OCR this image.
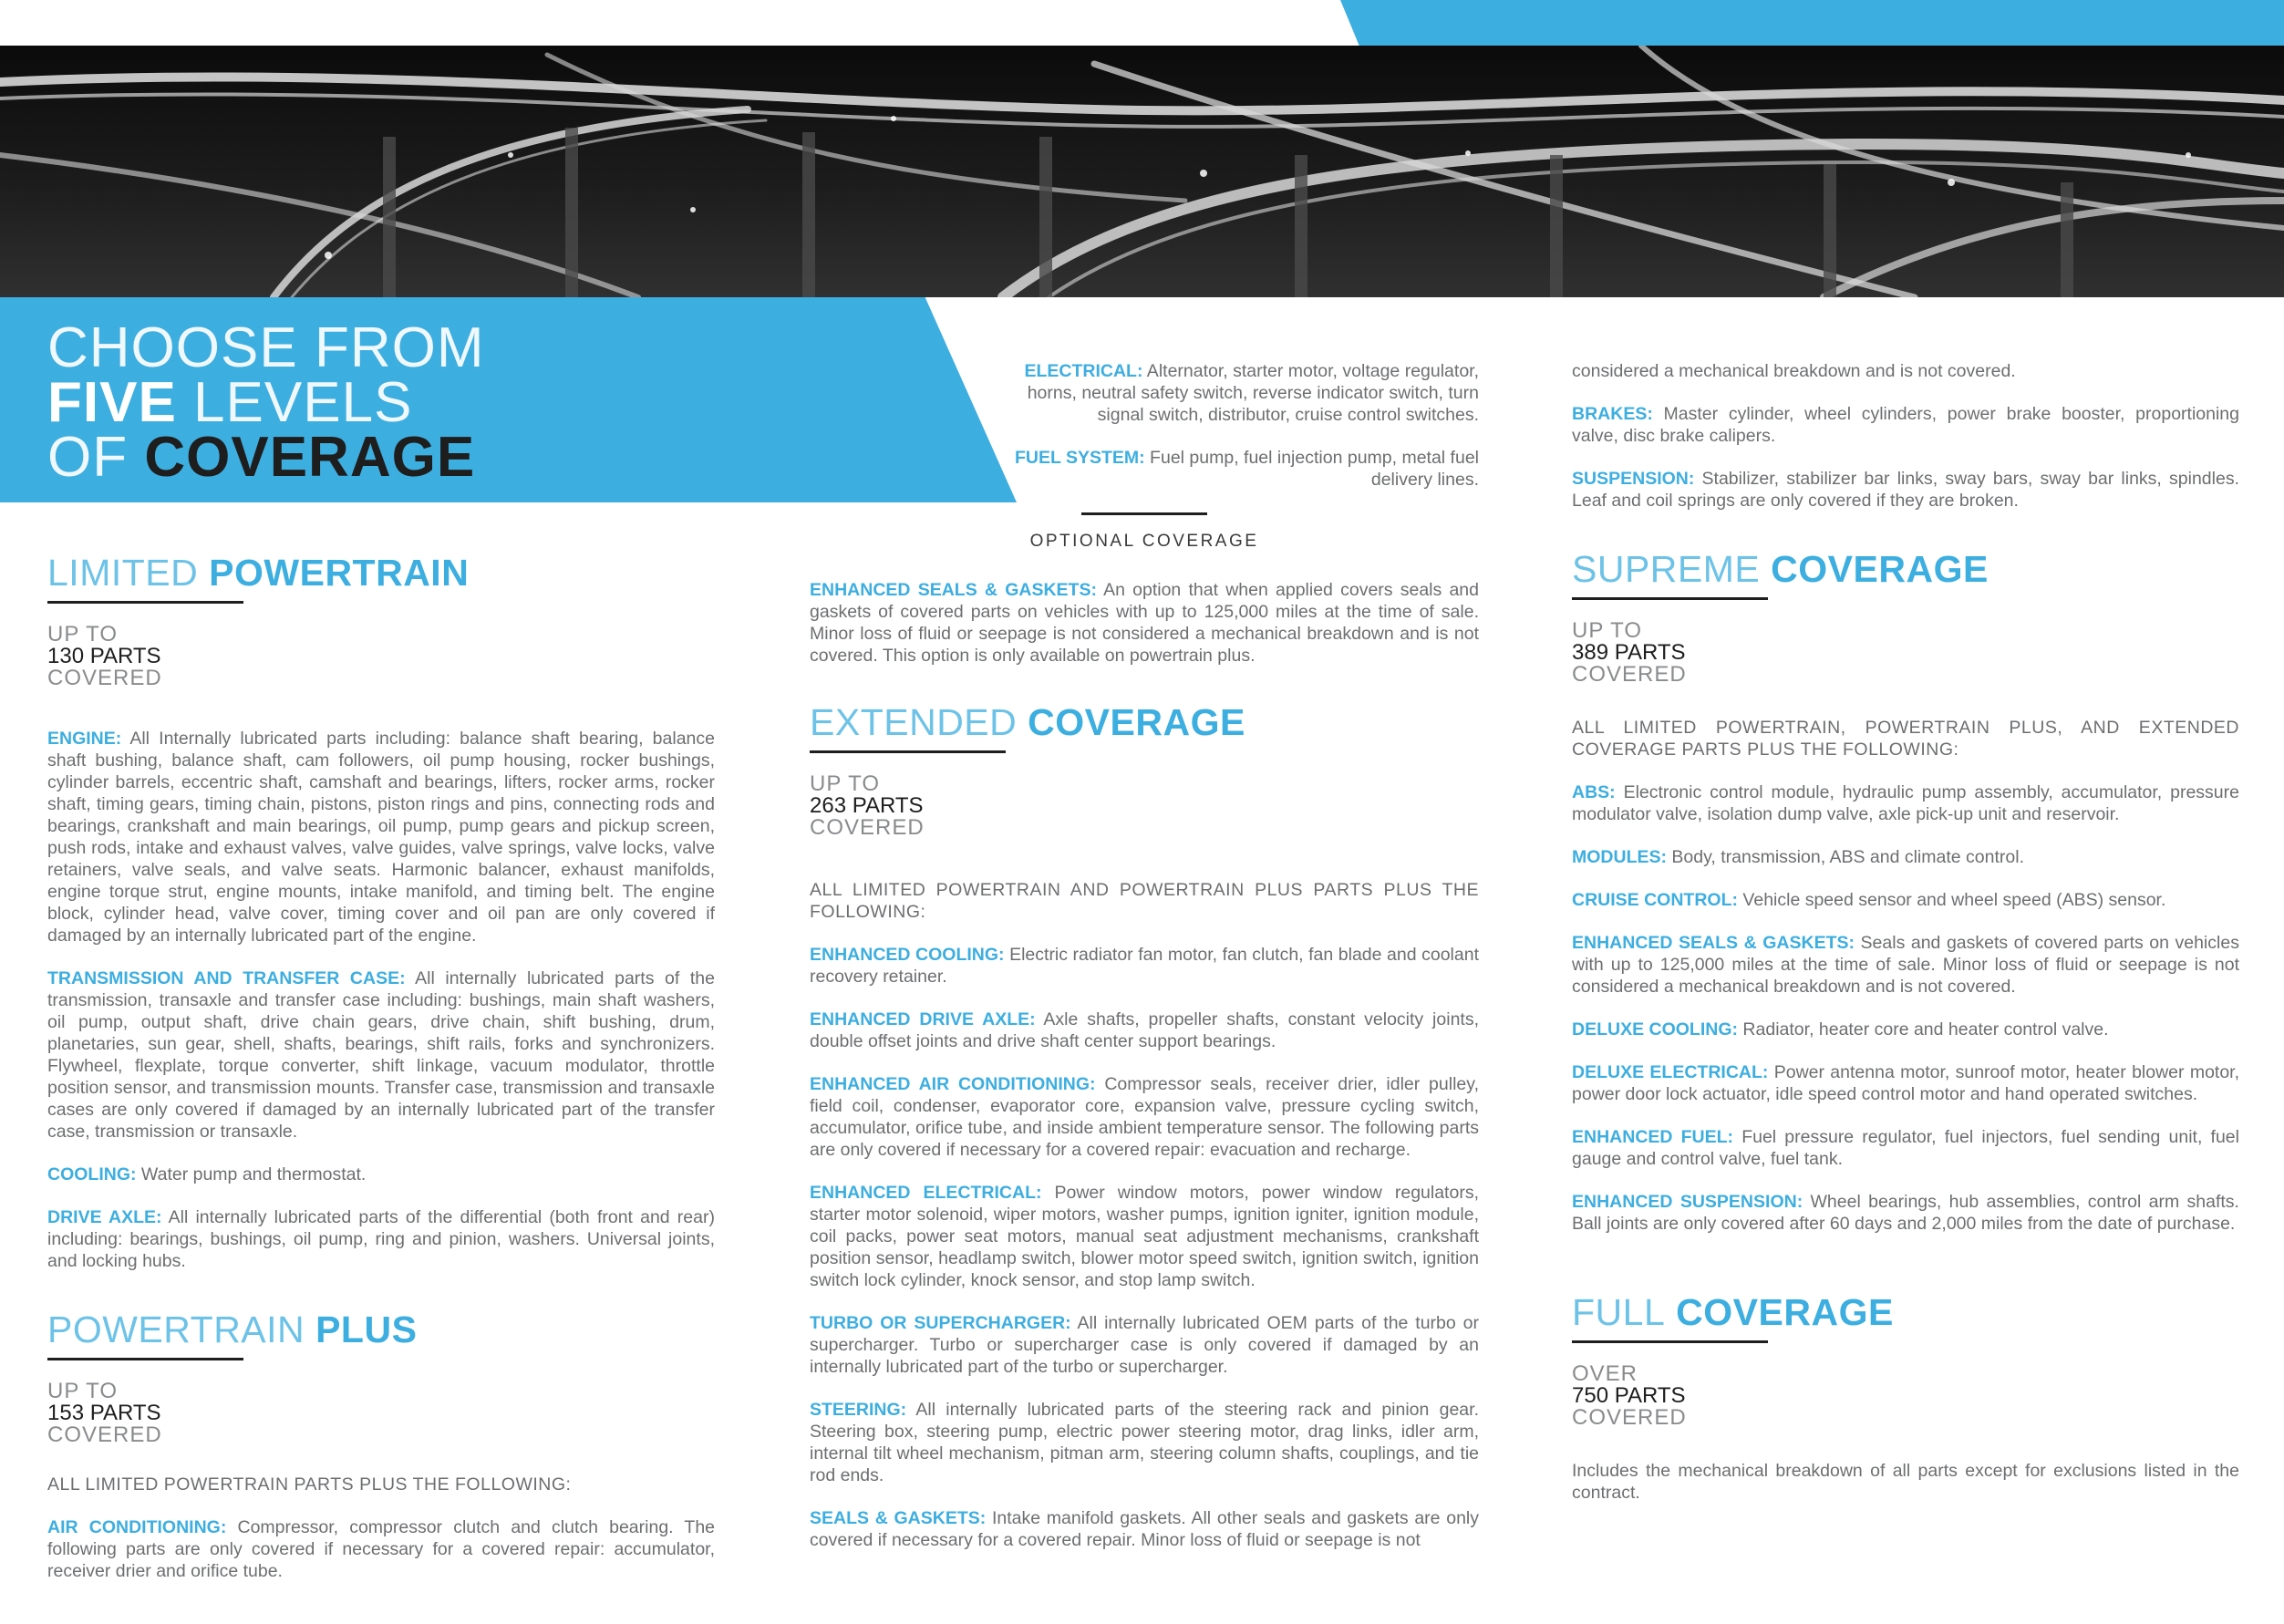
CHOOSE FROM
FIVE LEVELS
OF COVERAGE
LIMITED POWERTRAIN
UP TO
130 PARTS
COVERED

ENGINE: All Internally lubricated parts including: balance shaft bearing, balance shaft bushing, balance shaft, cam followers, oil pump housing, rocker bushings, cylinder barrels, eccentric shaft, camshaft and bearings, lifters, rocker arms, rocker shaft, timing gears, timing chain, pistons, piston rings and pins, connecting rods and bearings, crankshaft and main bearings, oil pump, pump gears and pickup screen, push rods, intake and exhaust valves, valve guides, valve springs, valve locks, valve retainers, valve seals, and valve seats. Harmonic balancer, exhaust manifolds, engine torque strut, engine mounts, intake manifold, and timing belt. The engine block, cylinder head, valve cover, timing cover and oil pan are only covered if damaged by an internally lubricated part of the engine.

TRANSMISSION AND TRANSFER CASE: All internally lubricated parts of the transmission, transaxle and transfer case including: bushings, main shaft washers, oil pump, output shaft, drive chain gears, drive chain, shift bushing, drum, planetaries, sun gear, shell, shafts, bearings, shift rails, forks and synchronizers. Flywheel, flexplate, torque converter, shift linkage, vacuum modulator, throttle position sensor, and transmission mounts. Transfer case, transmission and transaxle cases are only covered if damaged by an internally lubricated part of the transfer case, transmission or transaxle.

COOLING: Water pump and thermostat.

DRIVE AXLE: All internally lubricated parts of the differential (both front and rear) including: bearings, bushings, oil pump, ring and pinion, washers. Universal joints, and locking hubs.

POWERTRAIN PLUS
UP TO
153 PARTS
COVERED

ALL LIMITED POWERTRAIN PARTS PLUS THE FOLLOWING:

AIR CONDITIONING: Compressor, compressor clutch and clutch bearing. The following parts are only covered if necessary for a covered repair: accumulator, receiver drier and orifice tube.

ELECTRICAL: Alternator, starter motor, voltage regulator, horns, neutral safety switch, reverse indicator switch, turn signal switch, distributor, cruise control switches.

FUEL SYSTEM: Fuel pump, fuel injection pump, metal fuel delivery lines.

OPTIONAL COVERAGE

ENHANCED SEALS & GASKETS: An option that when applied covers seals and gaskets of covered parts on vehicles with up to 125,000 miles at the time of sale. Minor loss of fluid or seepage is not considered a mechanical breakdown and is not covered. This option is only available on powertrain plus.

EXTENDED COVERAGE
UP TO
263 PARTS
COVERED

ALL LIMITED POWERTRAIN AND POWERTRAIN PLUS PARTS PLUS THE FOLLOWING:

ENHANCED COOLING: Electric radiator fan motor, fan clutch, fan blade and coolant recovery retainer.

ENHANCED DRIVE AXLE: Axle shafts, propeller shafts, constant velocity joints, double offset joints and drive shaft center support bearings.

ENHANCED AIR CONDITIONING: Compressor seals, receiver drier, idler pulley, field coil, condenser, evaporator core, expansion valve, pressure cycling switch, accumulator, orifice tube, and inside ambient temperature sensor. The following parts are only covered if necessary for a covered repair: evacuation and recharge.

ENHANCED ELECTRICAL: Power window motors, power window regulators, starter motor solenoid, wiper motors, washer pumps, ignition igniter, ignition module, coil packs, power seat motors, manual seat adjustment mechanisms, crankshaft position sensor, headlamp switch, blower motor speed switch, ignition switch, ignition switch lock cylinder, knock sensor, and stop lamp switch.

TURBO OR SUPERCHARGER: All internally lubricated OEM parts of the turbo or supercharger. Turbo or supercharger case is only covered if damaged by an internally lubricated part of the turbo or supercharger.

STEERING: All internally lubricated parts of the steering rack and pinion gear. Steering box, steering pump, electric power steering motor, drag links, idler arm, internal tilt wheel mechanism, pitman arm, steering column shafts, couplings, and tie rod ends.

SEALS & GASKETS: Intake manifold gaskets. All other seals and gaskets are only covered if necessary for a covered repair. Minor loss of fluid or seepage is not

considered a mechanical breakdown and is not covered.

BRAKES: Master cylinder, wheel cylinders, power brake booster, proportioning valve, disc brake calipers.

SUSPENSION: Stabilizer, stabilizer bar links, sway bars, sway bar links, spindles. Leaf and coil springs are only covered if they are broken.

SUPREME COVERAGE
UP TO
389 PARTS
COVERED

ALL LIMITED POWERTRAIN, POWERTRAIN PLUS, AND EXTENDED COVERAGE PARTS PLUS THE FOLLOWING:

ABS: Electronic control module, hydraulic pump assembly, accumulator, pressure modulator valve, isolation dump valve, axle pick-up unit and reservoir.

MODULES: Body, transmission, ABS and climate control.

CRUISE CONTROL: Vehicle speed sensor and wheel speed (ABS) sensor.

ENHANCED SEALS & GASKETS: Seals and gaskets of covered parts on vehicles with up to 125,000 miles at the time of sale. Minor loss of fluid or seepage is not considered a mechanical breakdown and is not covered.

DELUXE COOLING: Radiator, heater core and heater control valve.

DELUXE ELECTRICAL: Power antenna motor, sunroof motor, heater blower motor, power door lock actuator, idle speed control motor and hand operated switches.

ENHANCED FUEL: Fuel pressure regulator, fuel injectors, fuel sending unit, fuel gauge and control valve, fuel tank.

ENHANCED SUSPENSION: Wheel bearings, hub assemblies, control arm shafts. Ball joints are only covered after 60 days and 2,000 miles from the date of purchase.

FULL COVERAGE
OVER
750 PARTS
COVERED

Includes the mechanical breakdown of all parts except for exclusions listed in the contract.
